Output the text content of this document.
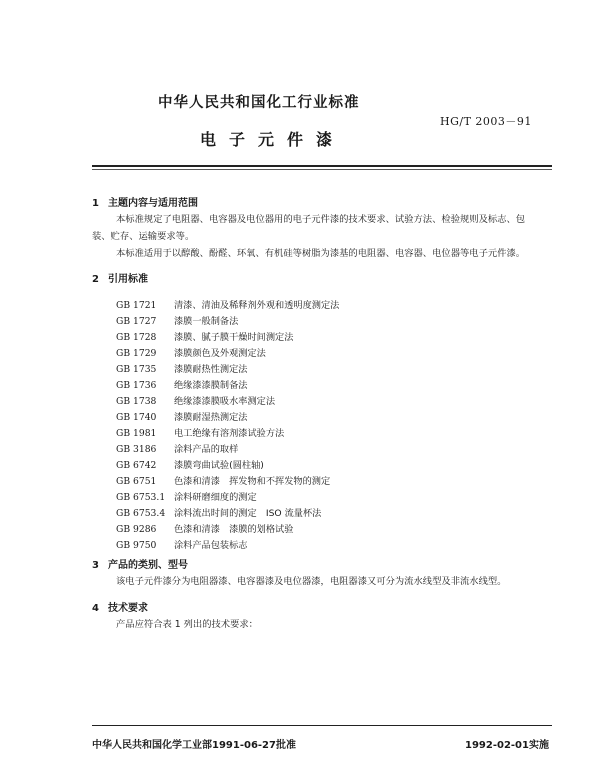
中华人民共和国化工行业标准
HG/T 2003－91
电子元件漆
1 主题内容与适用范围
本标准规定了电阻器、电容器及电位器用的电子元件漆的技术要求、试验方法、检验规则及标志、包
装、贮存、运输要求等。
本标准适用于以醇酸、酚醛、环氧、有机硅等树脂为漆基的电阻器、电容器、电位器等电子元件漆。
2 引用标准
GB 1721 清漆、清油及稀释剂外观和透明度测定法
GB 1727 漆膜一般制备法
GB 1728 漆膜、腻子膜干燥时间测定法
GB 1729 漆膜颜色及外观测定法
GB 1735 漆膜耐热性测定法
GB 1736 绝缘漆漆膜制备法
GB 1738 绝缘漆漆膜吸水率测定法
GB 1740 漆膜耐湿热测定法
GB 1981 电工绝缘有溶剂漆试验方法
GB 3186 涂料产品的取样
GB 6742 漆膜弯曲试验(圆柱轴)
GB 6751 色漆和清漆　挥发物和不挥发物的测定
GB 6753.1 涂料研磨细度的测定
GB 6753.4 涂料流出时间的测定　ISO 流量杯法
GB 9286 色漆和清漆　漆膜的划格试验
GB 9750 涂料产品包装标志
3 产品的类别、型号
该电子元件漆分为电阻器漆、电容器漆及电位器漆，电阻器漆又可分为流水线型及非流水线型。
4 技术要求
产品应符合表 1 列出的技术要求：
中华人民共和国化学工业部1991-06-27批准	1992-02-01实施
